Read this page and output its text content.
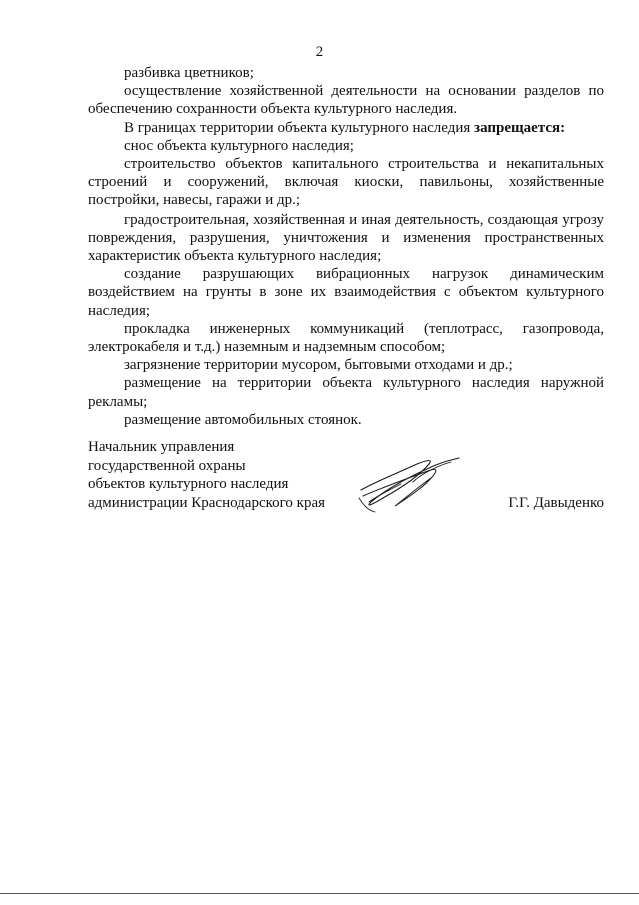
2

разбивка цветников;

осуществление хозяйственной деятельности на основании разделов по обеспечению сохранности объекта культурного наследия.

В границах территории объекта культурного наследия запрещается:

снос объекта культурного наследия;

строительство объектов капитального строительства и некапитальных строений и сооружений, включая киоски, павильоны, хозяйственные постройки, навесы, гаражи и др.;

градостроительная, хозяйственная и иная деятельность, создающая угрозу повреждения, разрушения, уничтожения и изменения пространственных характеристик объекта культурного наследия;

создание разрушающих вибрационных нагрузок динамическим воздействием на грунты в зоне их взаимодействия с объектом культурного наследия;

прокладка инженерных коммуникаций (теплотрасс, газопровода, электрокабеля и т.д.) наземным и надземным способом;

загрязнение территории мусором, бытовыми отходами и др.;

размещение на территории объекта культурного наследия наружной рекламы;

размещение автомобильных стоянок.

Начальник управления
государственной охраны
объектов культурного наследия
администрации Краснодарского края	Г.Г. Давыденко
